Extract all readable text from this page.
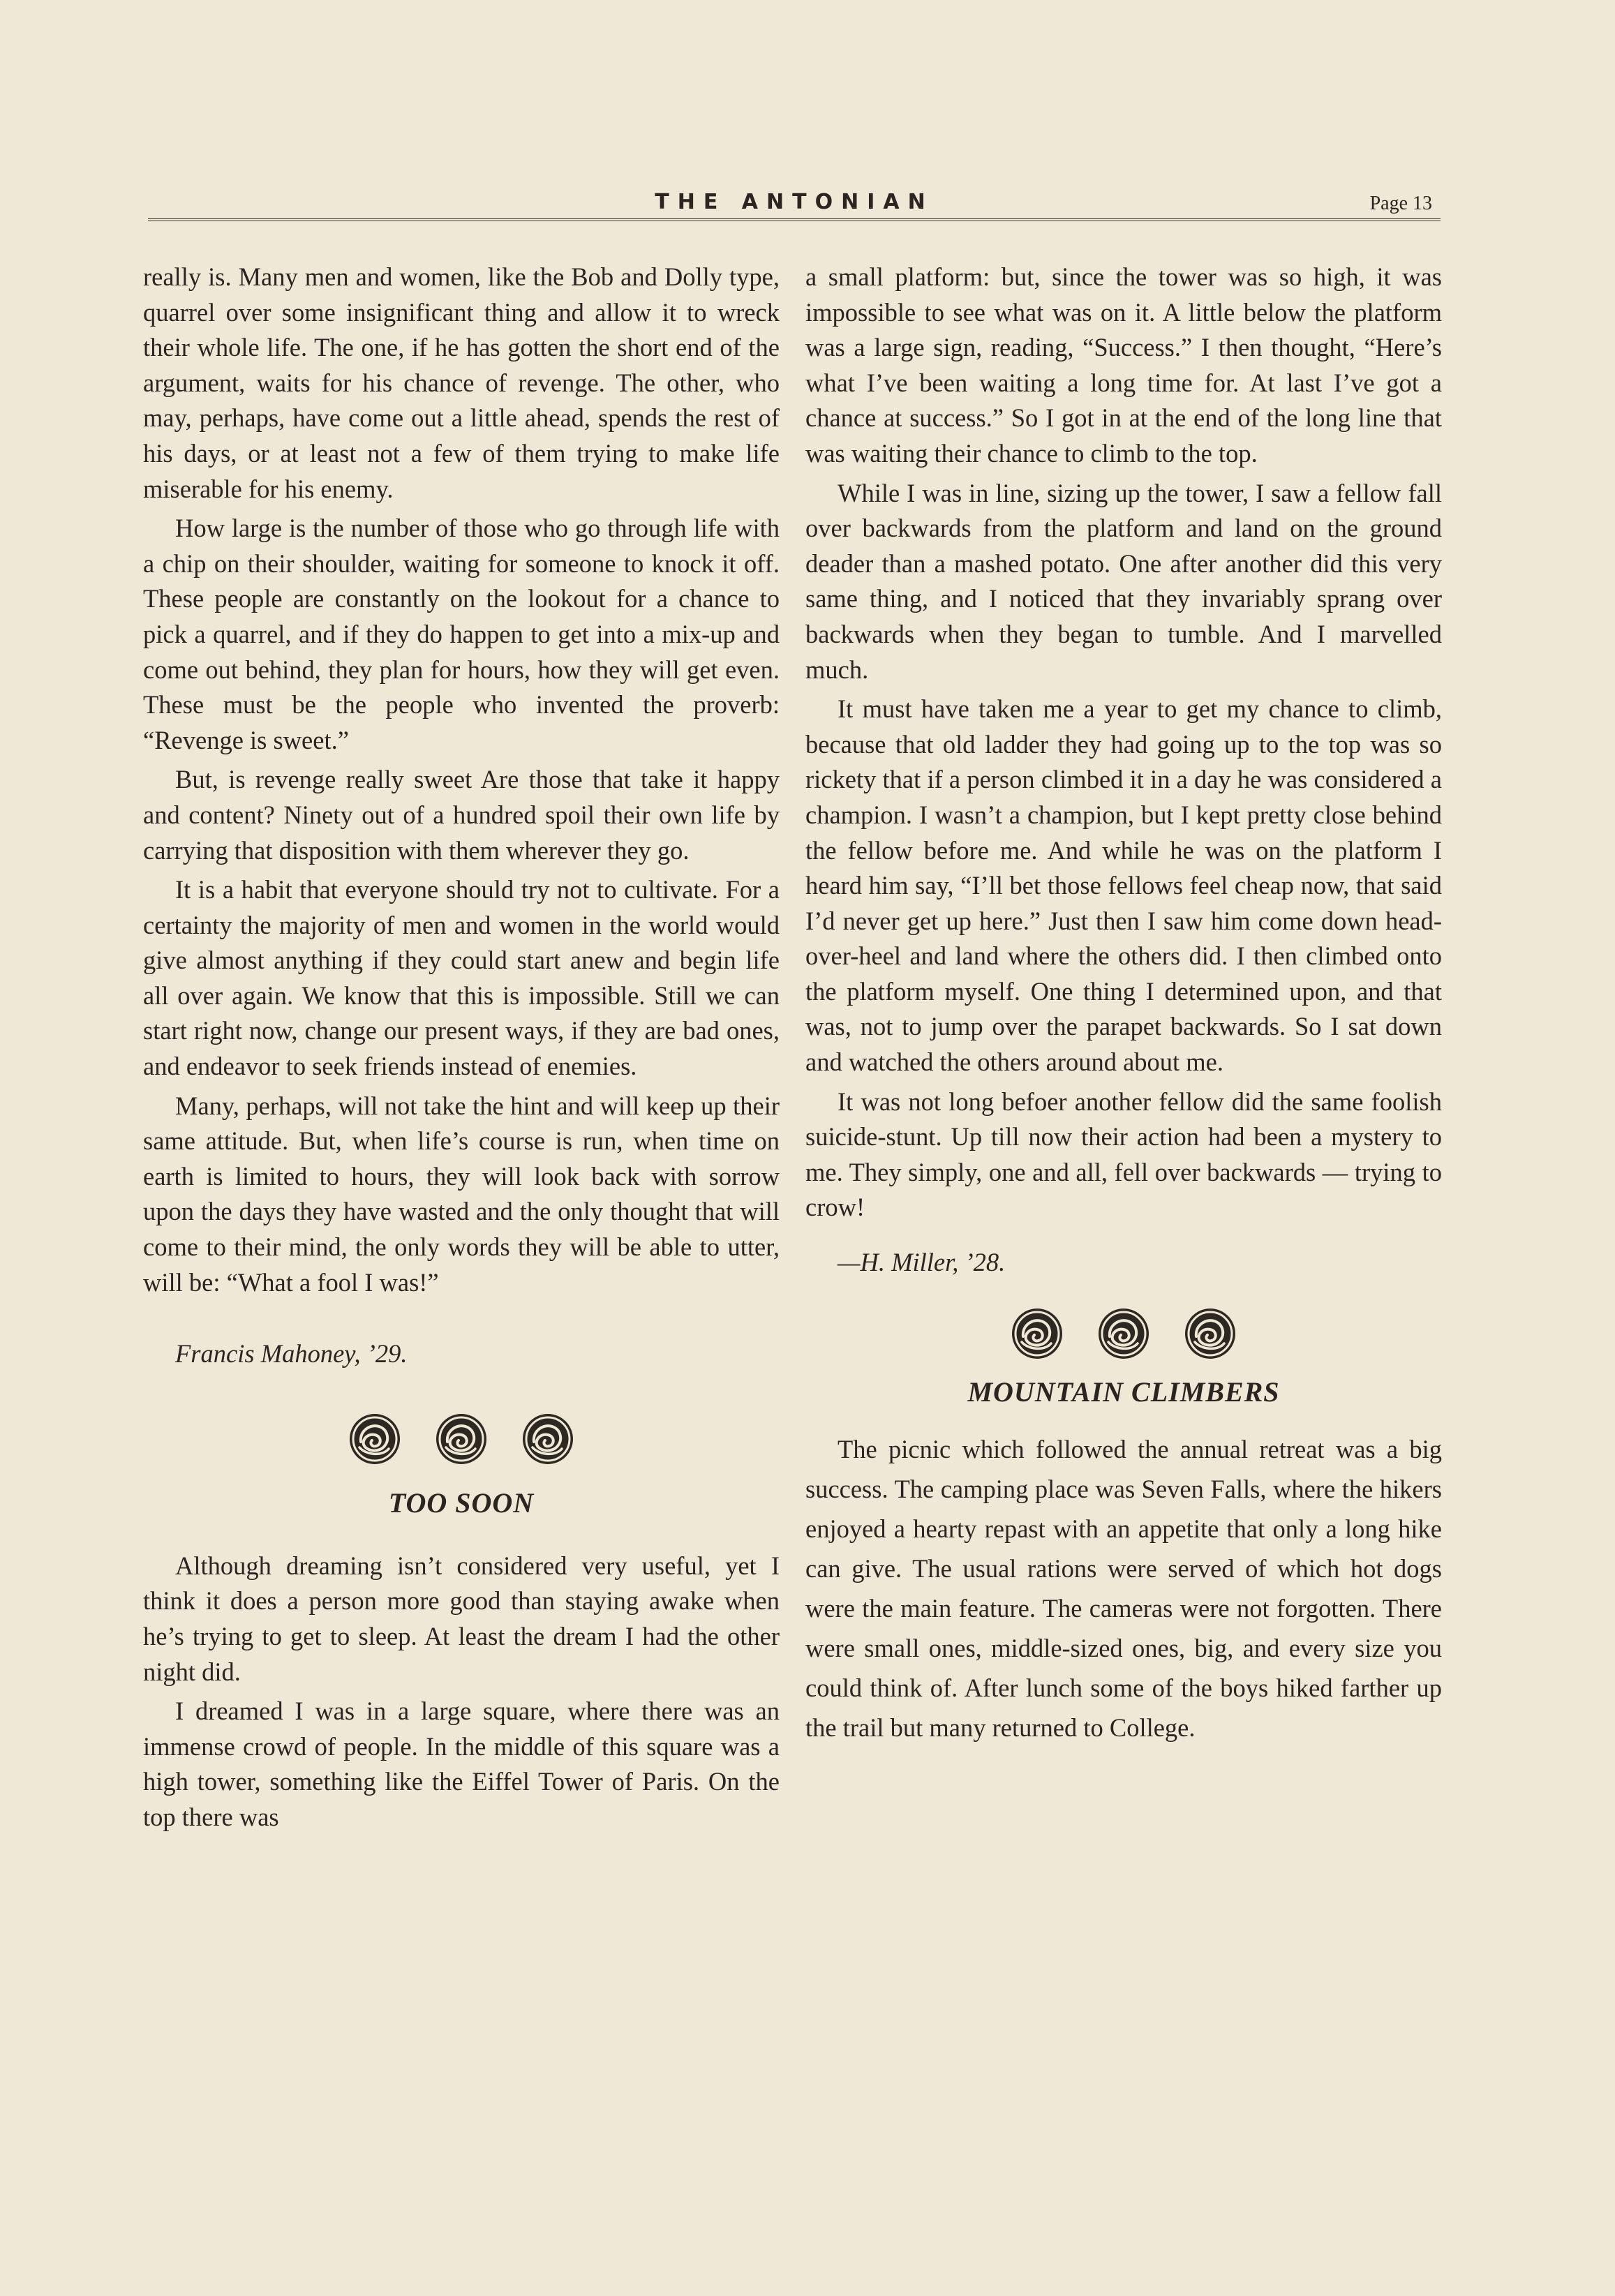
THE ANTONIAN	Page 13

really is. Many men and women, like the Bob and Dolly type, quarrel over some insignificant thing and allow it to wreck their whole life. The one, if he has gotten the short end of the argument, waits for his chance of revenge. The other, who may, perhaps, have come out a little ahead, spends the rest of his days, or at least not a few of them trying to make life miserable for his enemy.

How large is the number of those who go through life with a chip on their shoulder, waiting for someone to knock it off. These people are constantly on the lookout for a chance to pick a quarrel, and if they do happen to get into a mix-up and come out behind, they plan for hours, how they will get even. These must be the people who invented the proverb: “Revenge is sweet.”

But, is revenge really sweet Are those that take it happy and content? Ninety out of a hundred spoil their own life by carrying that disposition with them wherever they go.

It is a habit that everyone should try not to cultivate. For a certainty the majority of men and women in the world would give almost anything if they could start anew and begin life all over again. We know that this is impossible. Still we can start right now, change our present ways, if they are bad ones, and endeavor to seek friends instead of enemies.

Many, perhaps, will not take the hint and will keep up their same attitude. But, when life’s course is run, when time on earth is limited to hours, they will look back with sorrow upon the days they have wasted and the only thought that will come to their mind, the only words they will be able to utter, will be: “What a fool I was!”

Francis Mahoney, ’29.

TOO SOON

Although dreaming isn’t considered very useful, yet I think it does a person more good than staying awake when he’s trying to get to sleep. At least the dream I had the other night did.

I dreamed I was in a large square, where there was an immense crowd of people. In the middle of this square was a high tower, something like the Eiffel Tower of Paris. On the top there was

a small platform: but, since the tower was so high, it was impossible to see what was on it. A little below the platform was a large sign, reading, “Success.” I then thought, “Here’s what I’ve been waiting a long time for. At last I’ve got a chance at success.” So I got in at the end of the long line that was waiting their chance to climb to the top.

While I was in line, sizing up the tower, I saw a fellow fall over backwards from the platform and land on the ground deader than a mashed potato. One after another did this very same thing, and I noticed that they invariably sprang over backwards when they began to tumble. And I marvelled much.

It must have taken me a year to get my chance to climb, because that old ladder they had going up to the top was so rickety that if a person climbed it in a day he was considered a champion. I wasn’t a champion, but I kept pretty close behind the fellow before me. And while he was on the platform I heard him say, “I’ll bet those fellows feel cheap now, that said I’d never get up here.” Just then I saw him come down head-over-heel and land where the others did. I then climbed onto the platform myself. One thing I determined upon, and that was, not to jump over the parapet backwards. So I sat down and watched the others around about me.

It was not long befoer another fellow did the same foolish suicide-stunt. Up till now their action had been a mystery to me. They simply, one and all, fell over backwards — trying to crow!

—H. Miller, ’28.

MOUNTAIN CLIMBERS

The picnic which followed the annual retreat was a big success. The camping place was Seven Falls, where the hikers enjoyed a hearty repast with an appetite that only a long hike can give. The usual rations were served of which hot dogs were the main feature. The cameras were not forgotten. There were small ones, middle-sized ones, big, and every size you could think of. After lunch some of the boys hiked farther up the trail but many returned to College.
